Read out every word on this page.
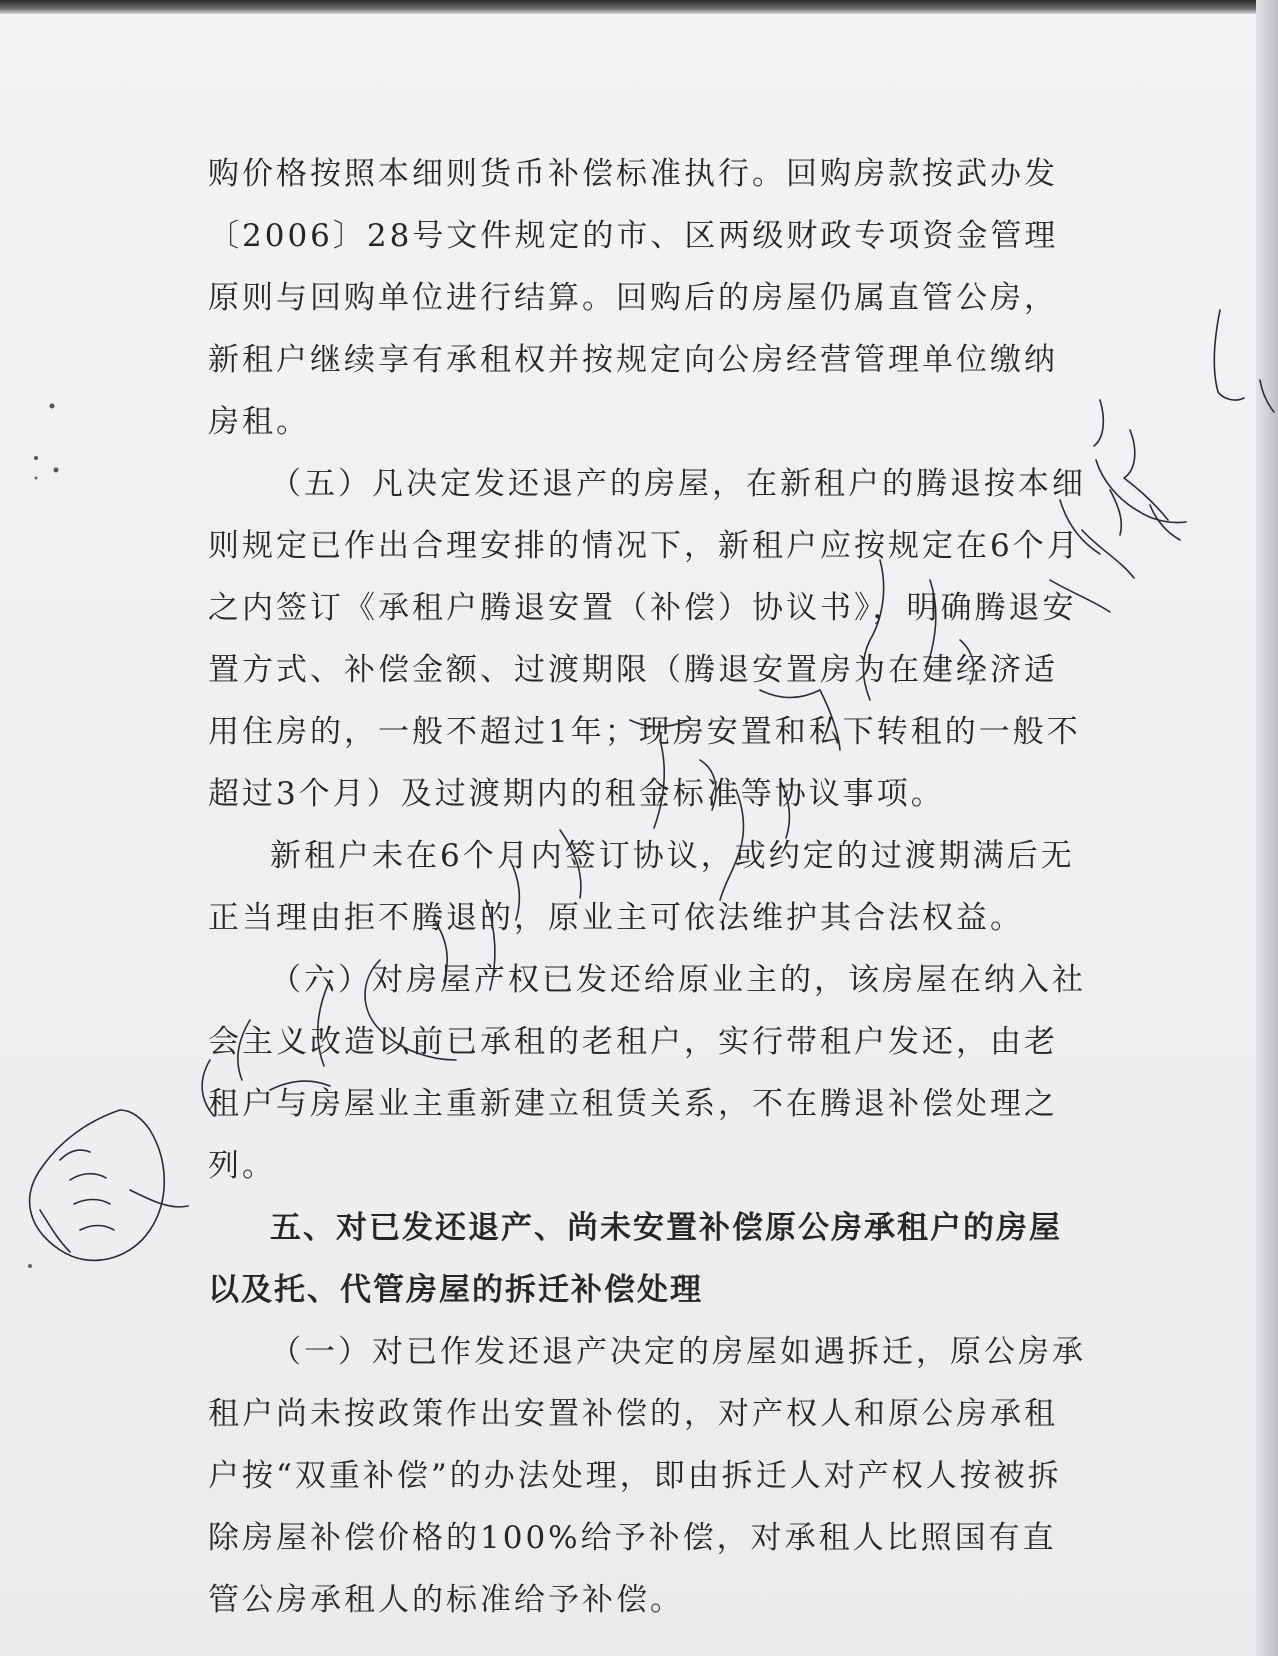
购价格按照本细则货币补偿标准执行。回购房款按武办发〔2006〕28号文件规定的市、区两级财政专项资金管理原则与回购单位进行结算。回购后的房屋仍属直管公房，新租户继续享有承租权并按规定向公房经营管理单位缴纳房租。

（五）凡决定发还退产的房屋，在新租户的腾退按本细则规定已作出合理安排的情况下，新租户应按规定在6个月之内签订《承租户腾退安置（补偿）协议书》，明确腾退安置方式、补偿金额、过渡期限（腾退安置房为在建经济适用住房的，一般不超过1年；现房安置和私下转租的一般不超过3个月）及过渡期内的租金标准等协议事项。

新租户未在6个月内签订协议，或约定的过渡期满后无正当理由拒不腾退的，原业主可依法维护其合法权益。

（六）对房屋产权已发还给原业主的，该房屋在纳入社会主义改造以前已承租的老租户，实行带租户发还，由老租户与房屋业主重新建立租赁关系，不在腾退补偿处理之列。

五、对已发还退产、尚未安置补偿原公房承租户的房屋

以及托、代管房屋的拆迁补偿处理

（一）对已作发还退产决定的房屋如遇拆迁，原公房承租户尚未按政策作出安置补偿的，对产权人和原公房承租户按“双重补偿”的办法处理，即由拆迁人对产权人按被拆除房屋补偿价格的100%给予补偿，对承租人比照国有直管公房承租人的标准给予补偿。
